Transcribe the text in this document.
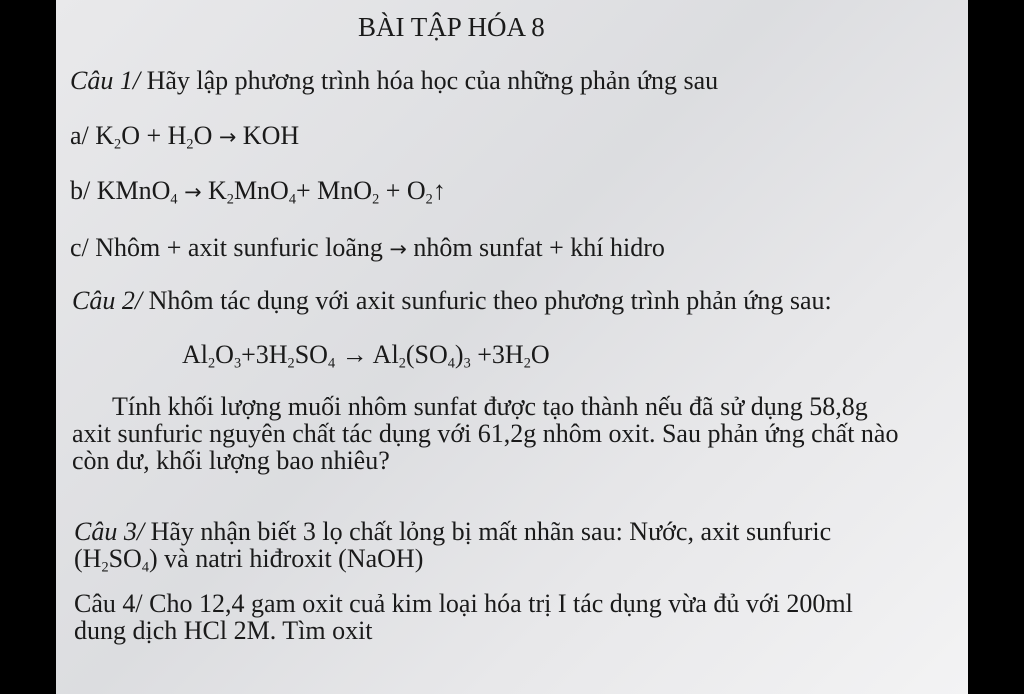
BÀI TẬP HÓA 8
Câu 1/ Hãy lập phương trình hóa học của những phản ứng sau
a/ $K_2O + H_2O$ → KOH
b/ KMnO$_4$ → $K_2MnO_4+ MnO_2$ + $O_2↑$
c/ Nhôm + axit sunfuric loãng → nhôm sunfat + khí hidro
Câu 2/ Nhôm tác dụng với axit sunfuric theo phương trình phản ứng sau:
$Al_2O_3+3H_2SO_4 \to Al_2(SO_4)_3 +3H_2O$
Tính khối lượng muối nhôm sunfat được tạo thành nếu đã sử dụng 58,8g
axit sunfuric nguyên chất tác dụng với 61,2g nhôm oxit. Sau phản ứng chất nào
còn dư, khối lượng bao nhiêu?
Câu 3/ Hãy nhận biết 3 lọ chất lỏng bị mất nhãn sau: Nước, axit sunfuric
$(H_2SO_4)$ và natri hiđroxit (NaOH)
Câu 4/ Cho 12,4 gam oxit cuả kim loại hóa trị I tác dụng vừa đủ với 200ml
dung dịch HCl 2M. Tìm oxit
